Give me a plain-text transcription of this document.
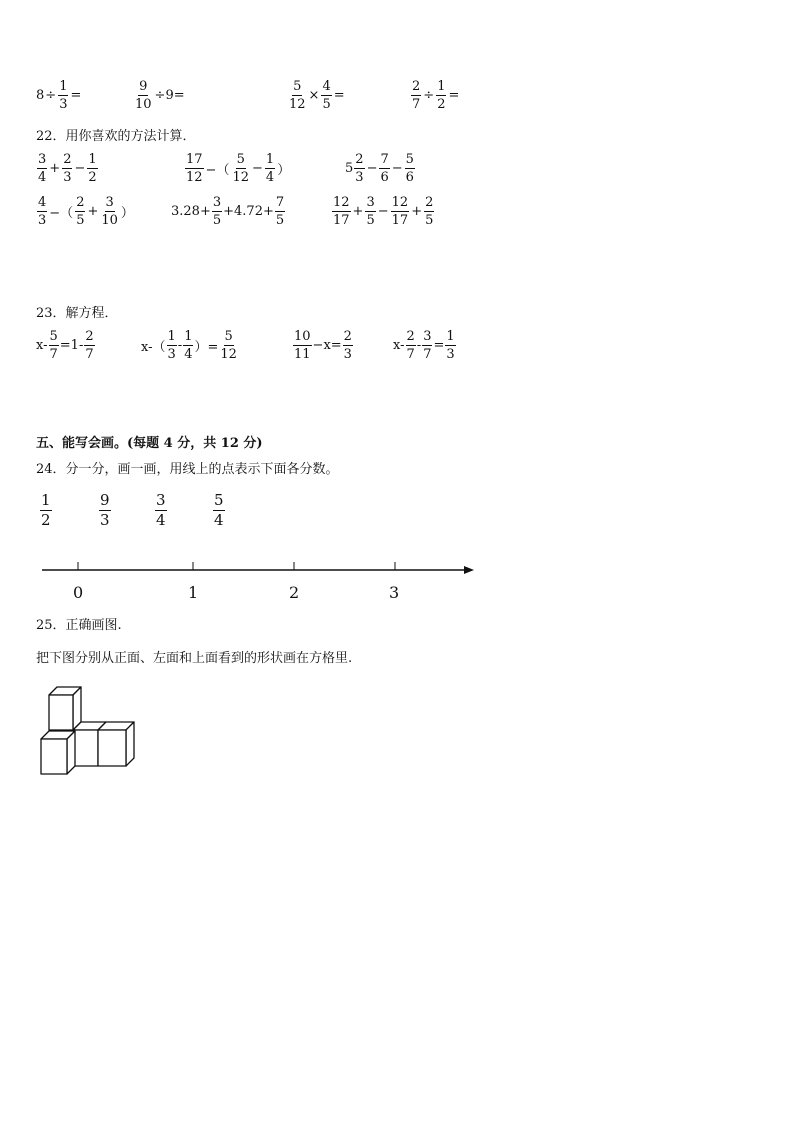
$8 \div \frac{1}{3}$ =	$\frac{9}{10} \div 9=$	$\frac{5}{12} \times \frac{4}{5}$ =	$\frac{2}{7} \div \frac{1}{2}$ =
22．用你喜欢的方法计算．
$\frac{3}{4} + \frac{2}{3} - \frac{1}{2}$	$\frac{17}{12}$ −（ $\frac{5}{12} - \frac{1}{4}$ ）	$5 \frac{2}{3} - \frac{7}{6} - \frac{5}{6}$
$\frac{4}{3}$ −（ $\frac{2}{5} + \frac{3}{10}$ ）	$3.28+ \frac{3}{5} +4.72+ \frac{7}{5}$	$\frac{12}{17} + \frac{3}{5} - \frac{12}{17} + \frac{2}{5}$
23．解方程．
$x- \frac{5}{7} =1- \frac{2}{7}$	$x-( \frac{1}{3} - \frac{1}{4}$ ）= $\frac{5}{12}$	$\frac{10}{11} -x= \frac{2}{3}$	$x- \frac{2}{7} - \frac{3}{7} = \frac{1}{3}$
五、能写会画。(每题 4 分，共 12 分)
24．分一分，画一画，用线上的点表示下面各分数。
$\frac{1}{2}$	$\frac{9}{3}$	$\frac{3}{4}$	$\frac{5}{4}$
0	1	2	3
25．正确画图.
把下图分别从正面、左面和上面看到的形状画在方格里.
